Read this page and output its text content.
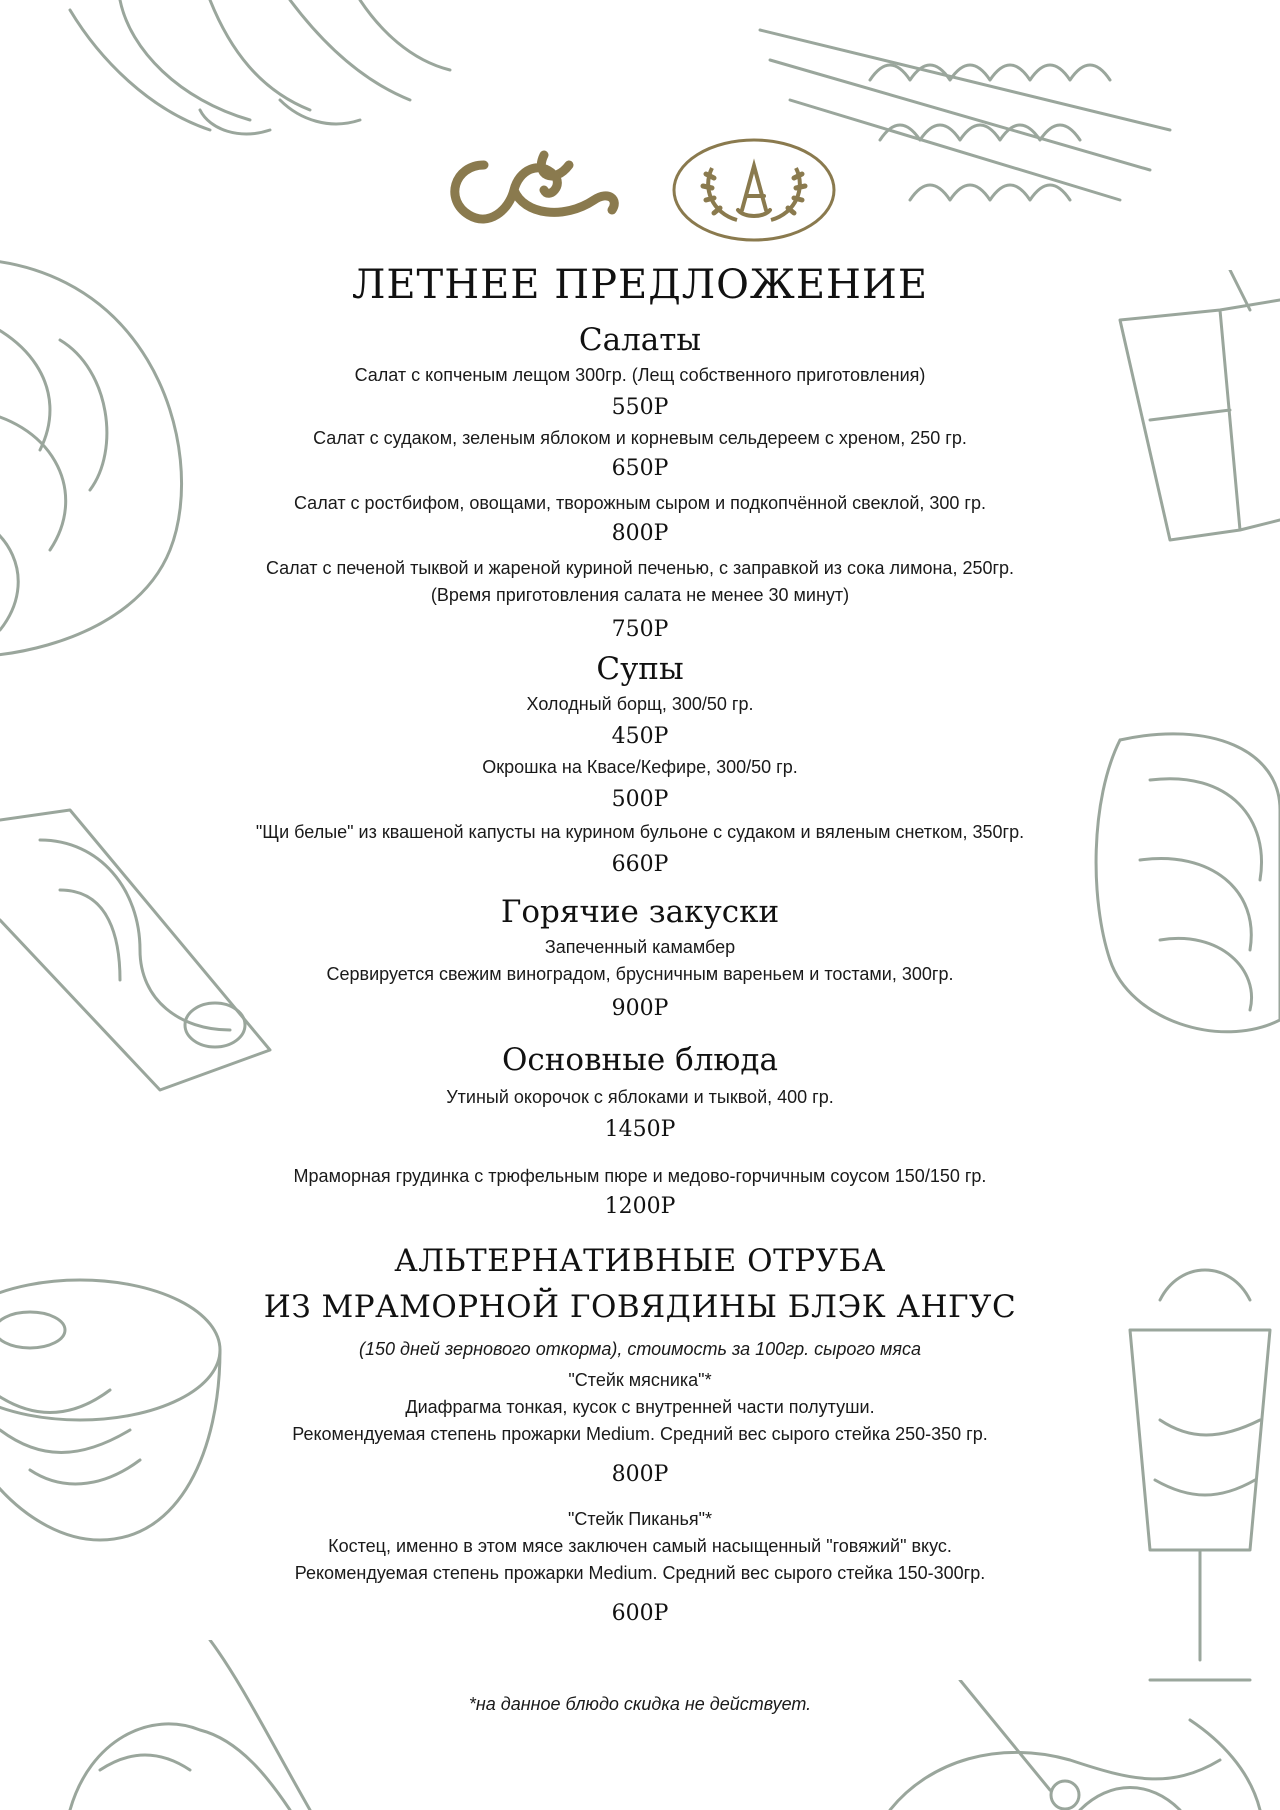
ЛЕТНЕЕ ПРЕДЛОЖЕНИЕ
Салаты
Салат с копченым лещом 300гр. (Лещ собственного приготовления)
550Р
Салат с судаком, зеленым яблоком и корневым сельдереем с хреном, 250 гр.
650Р
Салат с ростбифом, овощами, творожным сыром и подкопчённой свеклой, 300 гр.
800Р
Салат с печеной тыквой и жареной куриной печенью, с заправкой из сока лимона, 250гр.
(Время приготовления салата не менее 30 минут)
750Р
Супы
Холодный борщ, 300/50 гр.
450Р
Окрошка на Квасе/Кефире, 300/50 гр.
500Р
"Щи белые" из квашеной капусты на курином бульоне с судаком и вяленым снетком, 350гр.
660Р
Горячие закуски
Запеченный камамбер
Сервируется свежим виноградом, брусничным вареньем и тостами, 300гр.
900Р
Основные блюда
Утиный окорочок с яблоками и тыквой, 400 гр.
1450Р
Мраморная грудинка с трюфельным пюре и медово-горчичным соусом 150/150 гр.
1200Р
АЛЬТЕРНАТИВНЫЕ ОТРУБА
ИЗ МРАМОРНОЙ ГОВЯДИНЫ БЛЭК АНГУС
(150 дней зернового откорма), стоимость за 100гр. сырого мяса
"Стейк мясника"*
Диафрагма тонкая, кусок с внутренней части полутуши.
Рекомендуемая степень прожарки Medium. Средний вес сырого стейка 250-350 гр.
800Р
"Стейк Пиканья"*
Костец, именно в этом мясе заключен самый насыщенный "говяжий" вкус.
Рекомендуемая степень прожарки Medium. Средний вес сырого стейка 150-300гр.
600Р
*на данное блюдо скидка не действует.
